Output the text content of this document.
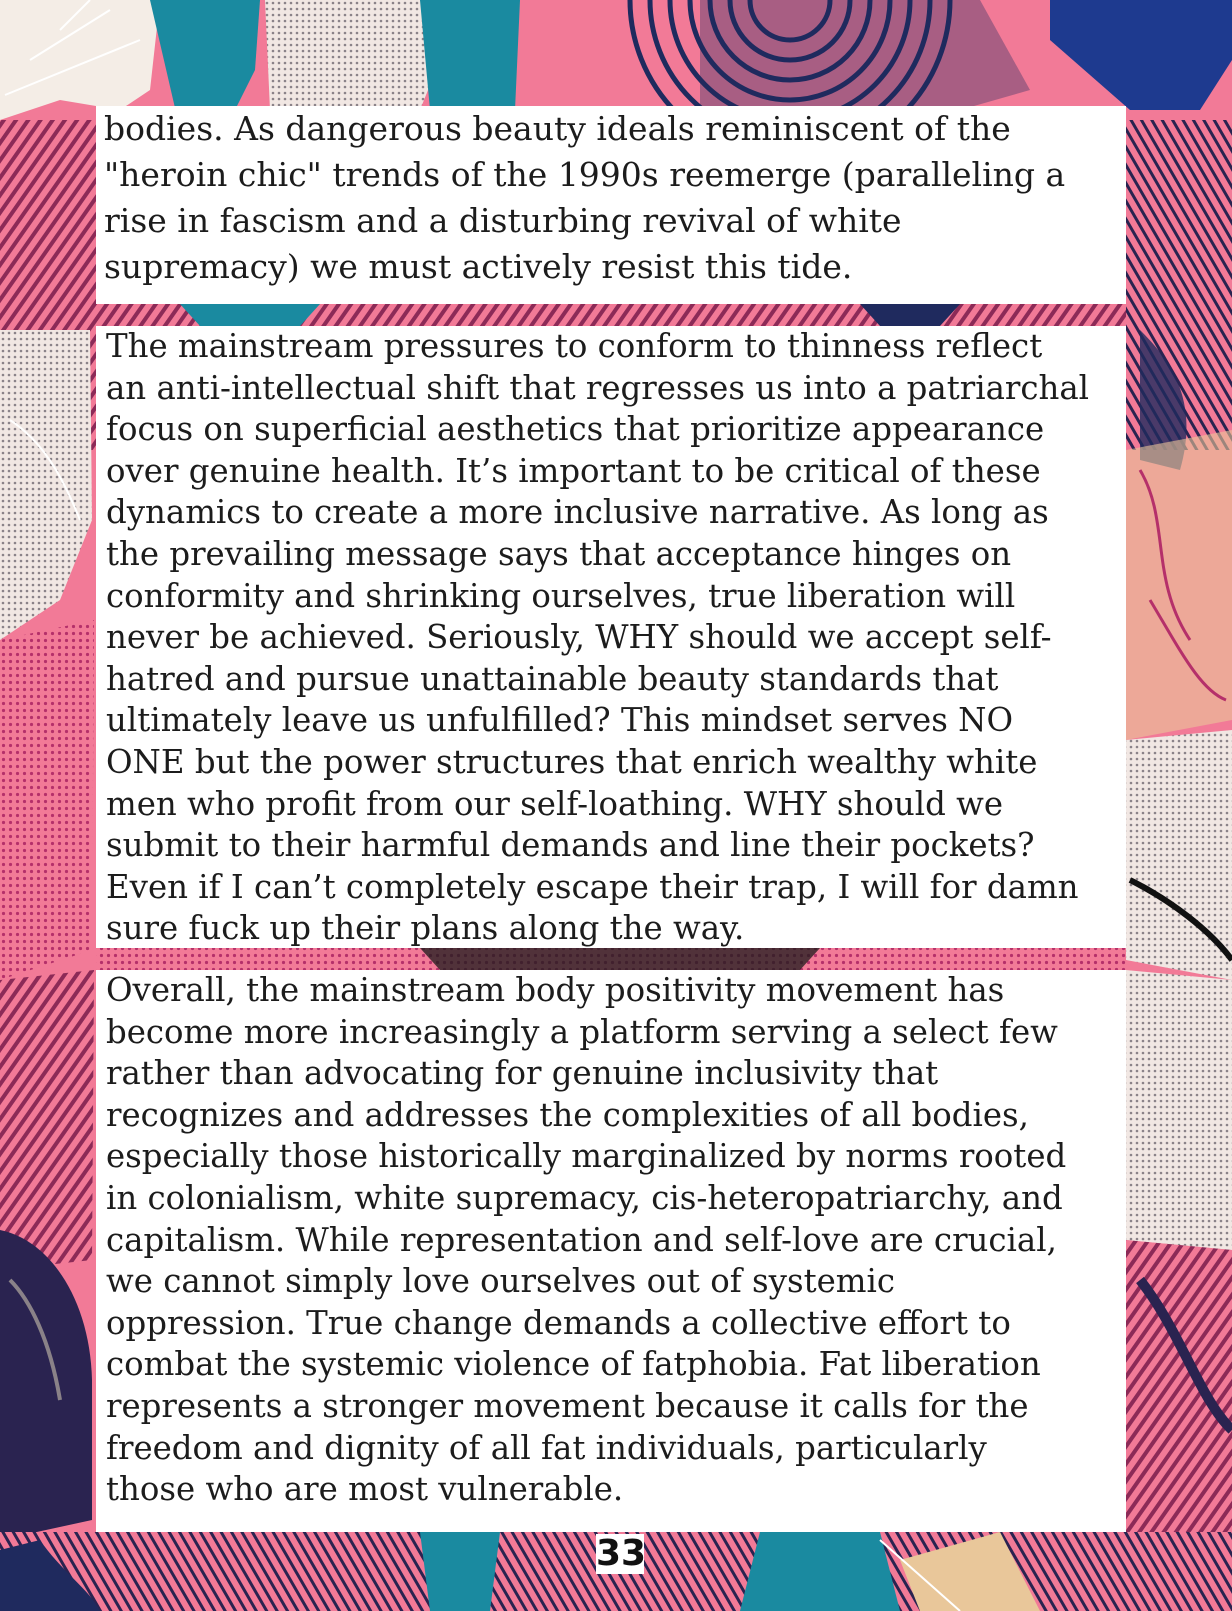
bodies. As dangerous beauty ideals reminiscent of the
"heroin chic" trends of the 1990s reemerge (paralleling a
rise in fascism and a disturbing revival of white
supremacy) we must actively resist this tide.
The mainstream pressures to conform to thinness reflect
an anti-intellectual shift that regresses us into a patriarchal
focus on superficial aesthetics that prioritize appearance
over genuine health. It’s important to be critical of these
dynamics to create a more inclusive narrative. As long as
the prevailing message says that acceptance hinges on
conformity and shrinking ourselves, true liberation will
never be achieved. Seriously, WHY should we accept self-
hatred and pursue unattainable beauty standards that
ultimately leave us unfulfilled? This mindset serves NO
ONE but the power structures that enrich wealthy white
men who profit from our self-loathing. WHY should we
submit to their harmful demands and line their pockets?
Even if I can’t completely escape their trap, I will for damn
sure fuck up their plans along the way.
Overall, the mainstream body positivity movement has
become more increasingly a platform serving a select few
rather than advocating for genuine inclusivity that
recognizes and addresses the complexities of all bodies,
especially those historically marginalized by norms rooted
in colonialism, white supremacy, cis-heteropatriarchy, and
capitalism. While representation and self-love are crucial,
we cannot simply love ourselves out of systemic
oppression. True change demands a collective effort to
combat the systemic violence of fatphobia. Fat liberation
represents a stronger movement because it calls for the
freedom and dignity of all fat individuals, particularly
those who are most vulnerable.
33
